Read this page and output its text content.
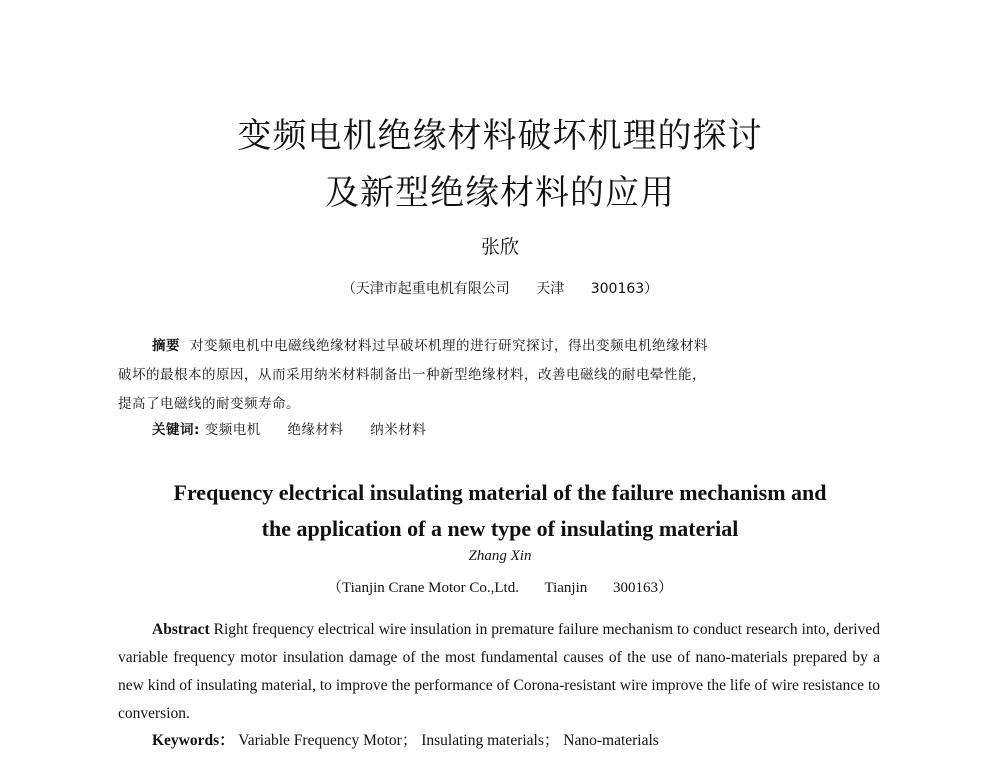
变频电机绝缘材料破坏机理的探讨
及新型绝缘材料的应用
张欣
（天津市起重电机有限公司 天津 300163）

摘要 对变频电机中电磁线绝缘材料过早破坏机理的进行研究探讨，得出变频电机绝缘材料

破坏的最根本的原因，从而采用纳米材料制备出一种新型绝缘材料，改善电磁线的耐电晕性能，

提高了电磁线的耐变频寿命。

关键词: 变频电机 绝缘材料 纳米材料
Frequency electrical insulating material of the failure mechanism and
the application of a new type of insulating material
Zhang Xin
（Tianjin Crane Motor Co.,Ltd. Tianjin 300163）
Abstract Right frequency electrical wire insulation in premature failure mechanism to conduct research into, derived variable frequency motor insulation damage of the most fundamental causes of the use of nano-materials prepared by a new kind of insulating material, to improve the performance of Corona-resistant wire improve the life of wire resistance to conversion.
Keywords： Variable Frequency Motor； Insulating materials； Nano-materials
